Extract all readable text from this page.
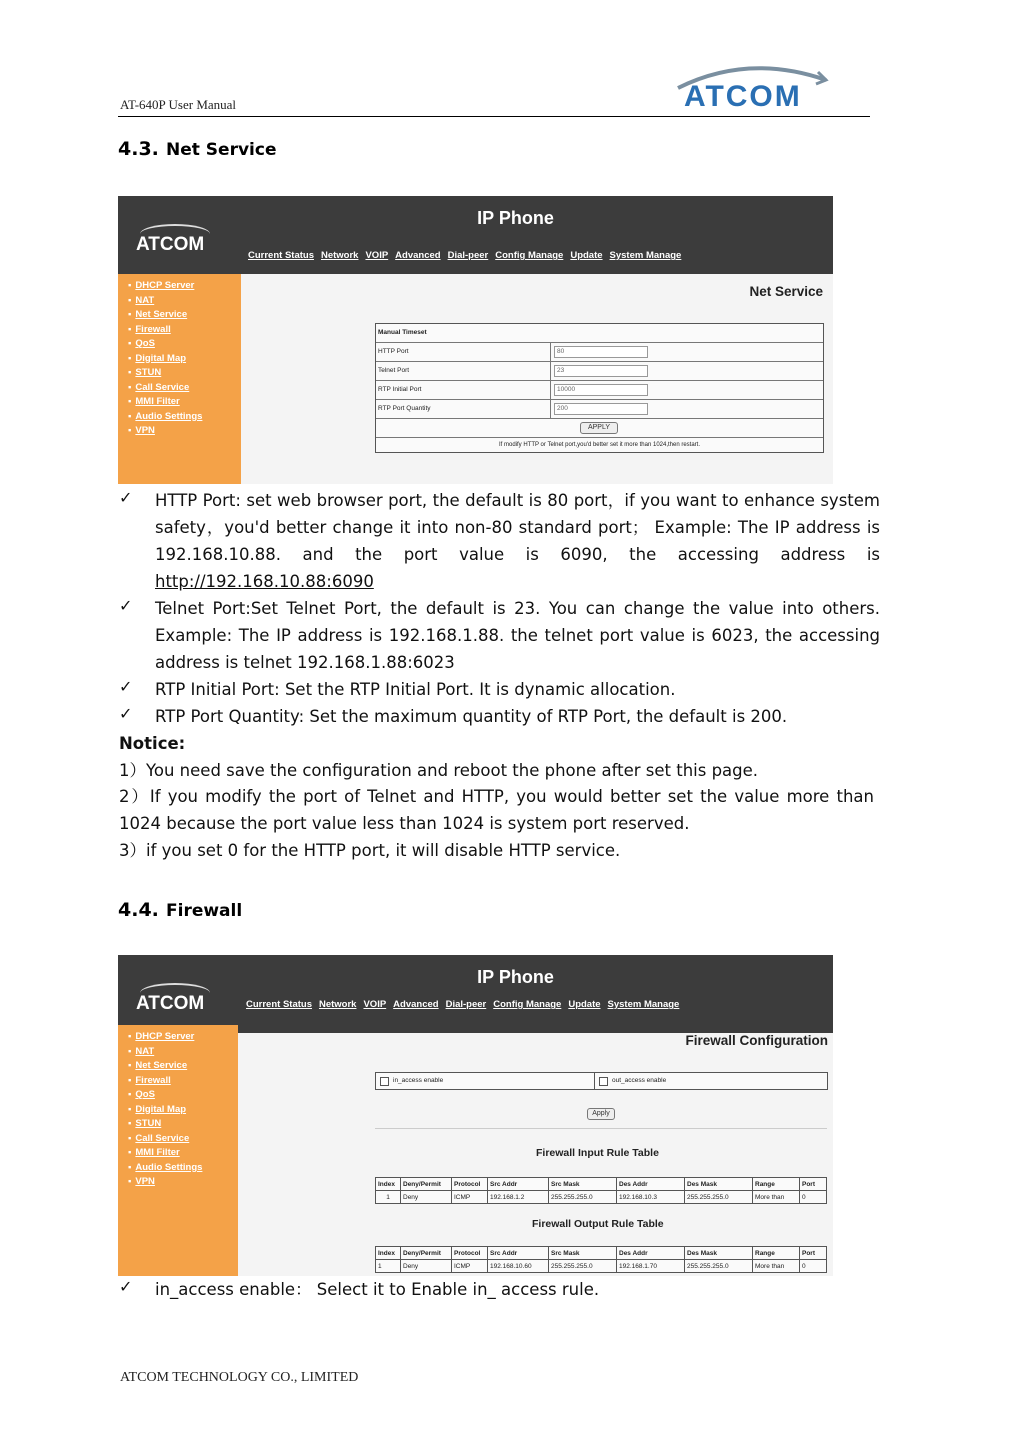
AT-640P User Manual	ATCOM
4.3. Net Service
IP Phone
ATCOM
Current Status Network VOIP Advanced Dial-peer Config Manage Update System Manage
▪ DHCP Server
▪ NAT
▪ Net Service
▪ Firewall
▪ QoS
▪ Digital Map
▪ STUN
▪ Call Service
▪ MMI Filter
▪ Audio Settings
▪ VPN
Net Service
Manual Timeset
HTTP Port	80
Telnet Port	23
RTP Initial Port	10000
RTP Port Quantity	200
APPLY
If modify HTTP or Telnet port,you'd better set it more than 1024,then restart.
✓ HTTP Port: set web browser port, the default is 80 port，if you want to enhance system safety，you'd better change it into non-80 standard port； Example: The IP address is 192.168.10.88. and the port value is 6090, the accessing address is http://192.168.10.88:6090
✓ Telnet Port:Set Telnet Port, the default is 23. You can change the value into others. Example: The IP address is 192.168.1.88. the telnet port value is 6023, the accessing address is telnet 192.168.1.88:6023
✓ RTP Initial Port: Set the RTP Initial Port. It is dynamic allocation.
✓ RTP Port Quantity: Set the maximum quantity of RTP Port, the default is 200.
Notice:
1）You need save the configuration and reboot the phone after set this page.
2）If you modify the port of Telnet and HTTP, you would better set the value more than 1024 because the port value less than 1024 is system port reserved.
3）if you set 0 for the HTTP port, it will disable HTTP service.
4.4. Firewall
IP Phone
ATCOM	Current Status Network VOIP Advanced Dial-peer Config Manage Update System Manage
▪ DHCP Server
▪ NAT
▪ Net Service
▪ Firewall
▪ QoS
▪ Digital Map
▪ STUN
▪ Call Service
▪ MMI Filter
▪ Audio Settings
▪ VPN
Firewall Configuration
in_access enable	out_access enable
Apply
Firewall Input Rule Table
Index	Deny/Permit	Protocol	Src Addr	Src Mask	Des Addr	Des Mask	Range	Port
1	Deny	ICMP	192.168.1.2	255.255.255.0	192.168.10.3	255.255.255.0	More than	0
Firewall Output Rule Table
Index	Deny/Permit	Protocol	Src Addr	Src Mask	Des Addr	Des Mask	Range	Port
1	Deny	ICMP	192.168.10.60	255.255.255.0	192.168.1.70	255.255.255.0	More than	0
✓ in_access enable： Select it to Enable in_ access rule.
ATCOM TECHNOLOGY CO., LIMITED
